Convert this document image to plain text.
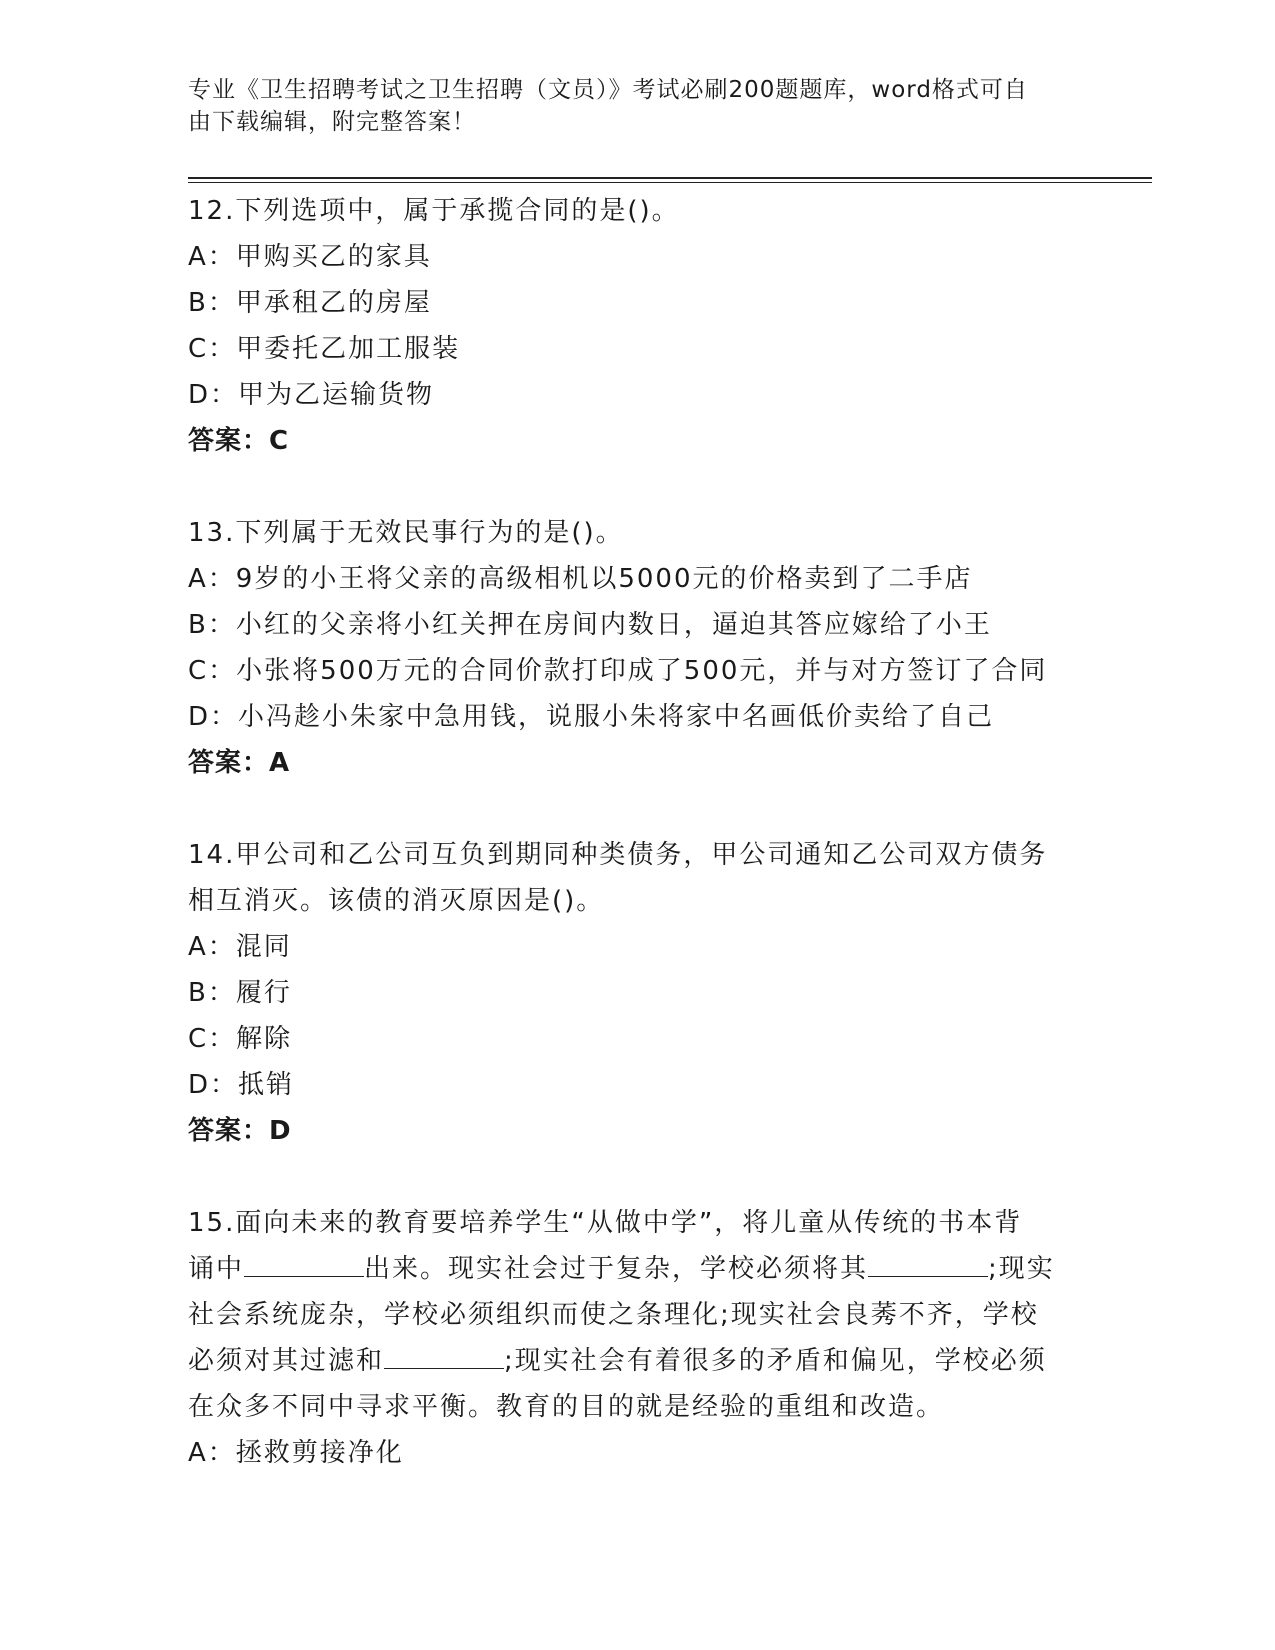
专业《卫生招聘考试之卫生招聘（文员）》考试必刷200题题库，word格式可自
由下载编辑，附完整答案！
12.下列选项中，属于承揽合同的是()。
A：甲购买乙的家具
B：甲承租乙的房屋
C：甲委托乙加工服装
D：甲为乙运输货物
答案：C
13.下列属于无效民事行为的是()。
A：9岁的小王将父亲的高级相机以5000元的价格卖到了二手店
B：小红的父亲将小红关押在房间内数日，逼迫其答应嫁给了小王
C：小张将500万元的合同价款打印成了500元，并与对方签订了合同
D：小冯趁小朱家中急用钱，说服小朱将家中名画低价卖给了自己
答案：A
14.甲公司和乙公司互负到期同种类债务，甲公司通知乙公司双方债务
相互消灭。该债的消灭原因是()。
A：混同
B：履行
C：解除
D：抵销
答案：D
15.面向未来的教育要培养学生“从做中学”，将儿童从传统的书本背
诵中	出来。现实社会过于复杂，学校必须将其	;现实
社会系统庞杂，学校必须组织而使之条理化;现实社会良莠不齐，学校
必须对其过滤和	;现实社会有着很多的矛盾和偏见，学校必须
在众多不同中寻求平衡。教育的目的就是经验的重组和改造。
A：拯救剪接净化
